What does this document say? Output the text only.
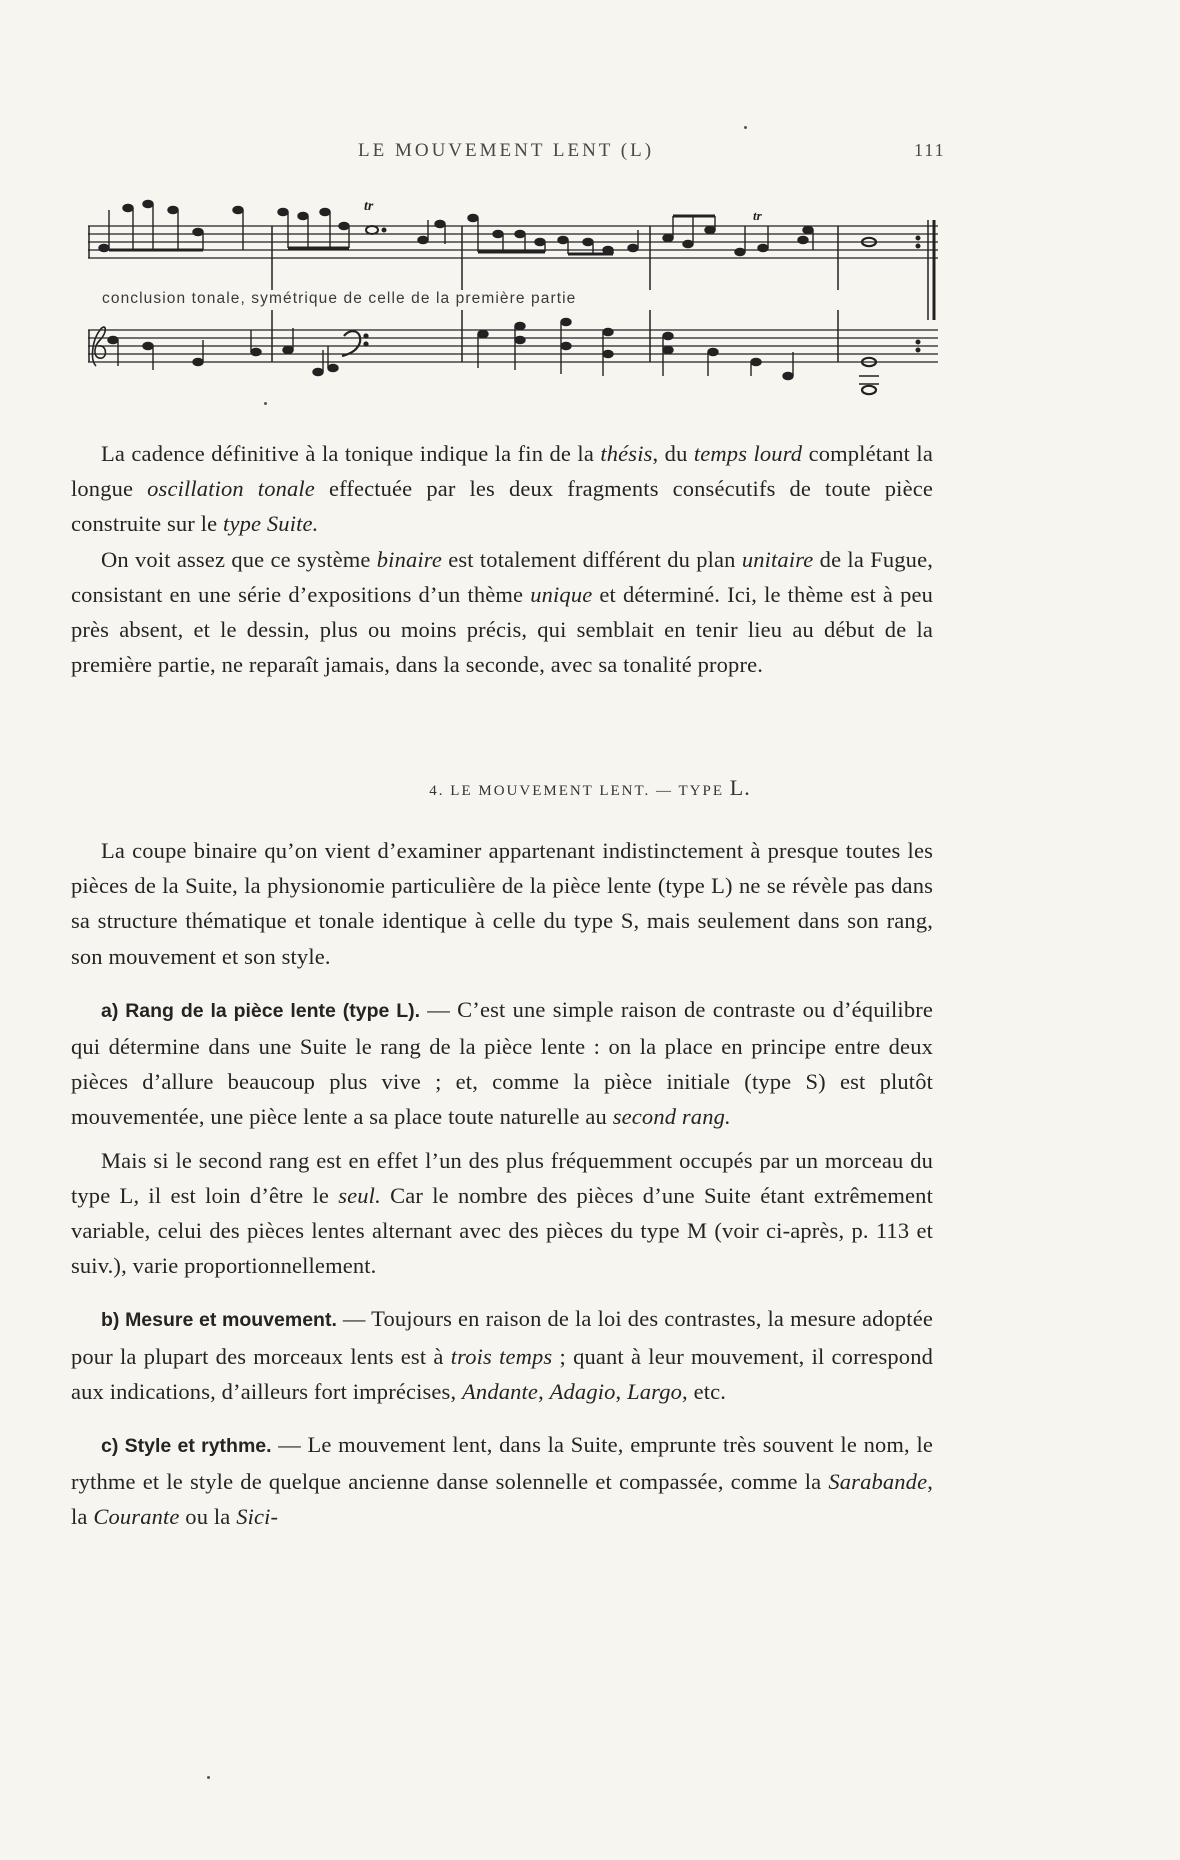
LE MOUVEMENT LENT (L)	111
tr
tr
conclusion tonale, symétrique de celle de la première partie

La cadence définitive à la tonique indique la fin de la thésis, du temps lourd complétant la longue oscillation tonale effectuée par les deux fragments consécutifs de toute pièce construite sur le type Suite.

On voit assez que ce système binaire est totalement différent du plan unitaire de la Fugue, consistant en une série d’expositions d’un thème unique et déterminé. Ici, le thème est à peu près absent, et le dessin, plus ou moins précis, qui semblait en tenir lieu au début de la première partie, ne reparaît jamais, dans la seconde, avec sa tonalité propre.

4. LE MOUVEMENT LENT. — TYPE L.

La coupe binaire qu’on vient d’examiner appartenant indistinctement à presque toutes les pièces de la Suite, la physionomie particulière de la pièce lente (type L) ne se révèle pas dans sa structure thématique et tonale identique à celle du type S, mais seulement dans son rang, son mouvement et son style.

a) Rang de la pièce lente (type L). — C’est une simple raison de contraste ou d’équilibre qui détermine dans une Suite le rang de la pièce lente : on la place en principe entre deux pièces d’allure beaucoup plus vive ; et, comme la pièce initiale (type S) est plutôt mouvementée, une pièce lente a sa place toute naturelle au second rang.

Mais si le second rang est en effet l’un des plus fréquemment occupés par un morceau du type L, il est loin d’être le seul. Car le nombre des pièces d’une Suite étant extrêmement variable, celui des pièces lentes alternant avec des pièces du type M (voir ci-après, p. 113 et suiv.), varie proportionnellement.

b) Mesure et mouvement. — Toujours en raison de la loi des contrastes, la mesure adoptée pour la plupart des morceaux lents est à trois temps ; quant à leur mouvement, il correspond aux indications, d’ailleurs fort imprécises, Andante, Adagio, Largo, etc.

c) Style et rythme. — Le mouvement lent, dans la Suite, emprunte très souvent le nom, le rythme et le style de quelque ancienne danse solennelle et compassée, comme la Sarabande, la Courante ou la Sici-
